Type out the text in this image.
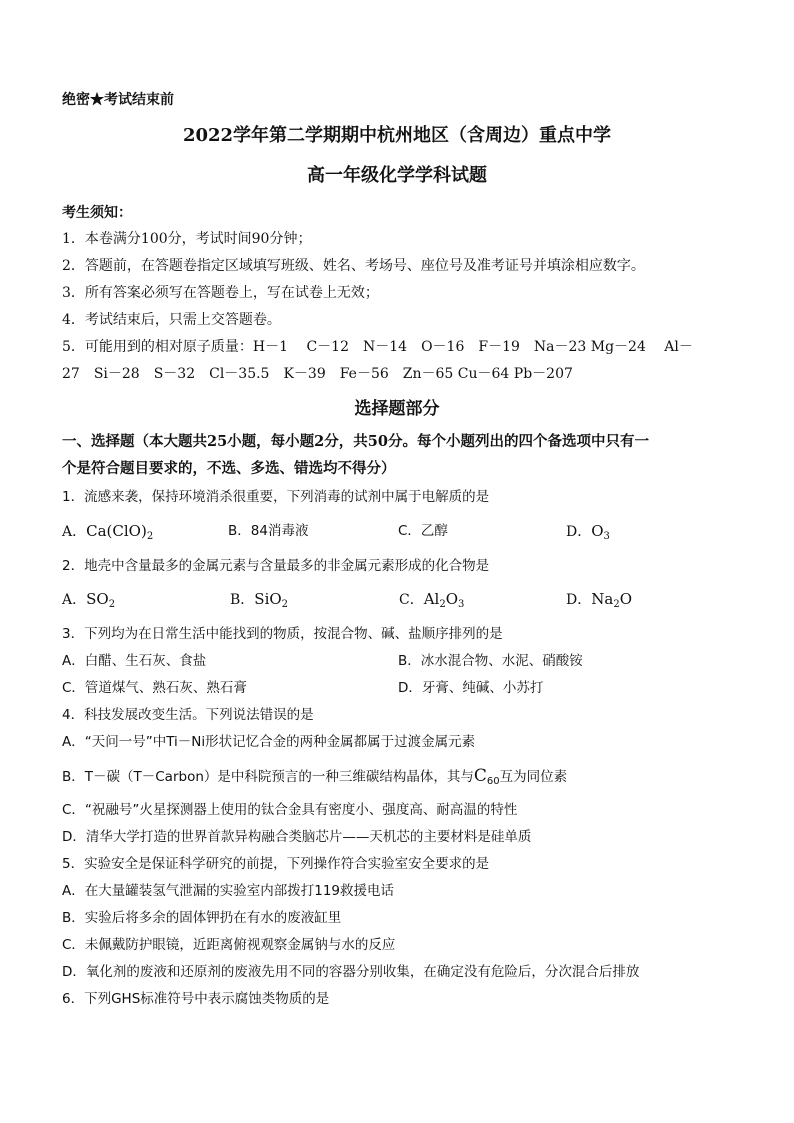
绝密★考试结束前
2022学年第二学期期中杭州地区（含周边）重点中学
高一年级化学学科试题
考生须知：
1．本卷满分100分，考试时间90分钟；
2．答题前，在答题卷指定区域填写班级、姓名、考场号、座位号及准考证号并填涂相应数字。
3．所有答案必须写在答题卷上，写在试卷上无效；
4．考试结束后，只需上交答题卷。
5．可能用到的相对原子质量：H－1　 C－12　N－14　O－16　F－19　Na－23 Mg－24　 Al－
27　Si－28　S－32　Cl－35.5　K－39　Fe－56　Zn－65 Cu－64 Pb－207
选择题部分
一、选择题（本大题共25小题，每小题2分，共50分。每个小题列出的四个备选项中只有一
个是符合题目要求的，不选、多选、错选均不得分）
1．流感来袭，保持环境消杀很重要，下列消毒的试剂中属于电解质的是
A．$Ca(ClO)_2$	B．84消毒液	C．乙醇	D．$O_3$
2．地壳中含量最多的金属元素与含量最多的非金属元素形成的化合物是
A．$SO_2$	B．SiO$_2$	C．$Al_2O_3$	D．$Na_2O$
3．下列均为在日常生活中能找到的物质，按混合物、碱、盐顺序排列的是
A．白醋、生石灰、食盐	B．冰水混合物、水泥、硝酸铵
C．管道煤气、熟石灰、熟石膏	D．牙膏、纯碱、小苏打
4．科技发展改变生活。下列说法错误的是
A．“天问一号”中Ti－Ni形状记忆合金的两种金属都属于过渡金属元素
B．T－碳（T－Carbon）是中科院预言的一种三维碳结构晶体，其与$C_{60}$互为同位素
C．“祝融号”火星探测器上使用的钛合金具有密度小、强度高、耐高温的特性
D．清华大学打造的世界首款异构融合类脑芯片——天机芯的主要材料是硅单质
5．实验安全是保证科学研究的前提，下列操作符合实验室安全要求的是
A．在大量罐装氢气泄漏的实验室内部拨打119救援电话
B．实验后将多余的固体钾扔在有水的废液缸里
C．未佩戴防护眼镜，近距离俯视观察金属钠与水的反应
D．氧化剂的废液和还原剂的废液先用不同的容器分别收集，在确定没有危险后，分次混合后排放
6．下列GHS标准符号中表示腐蚀类物质的是
